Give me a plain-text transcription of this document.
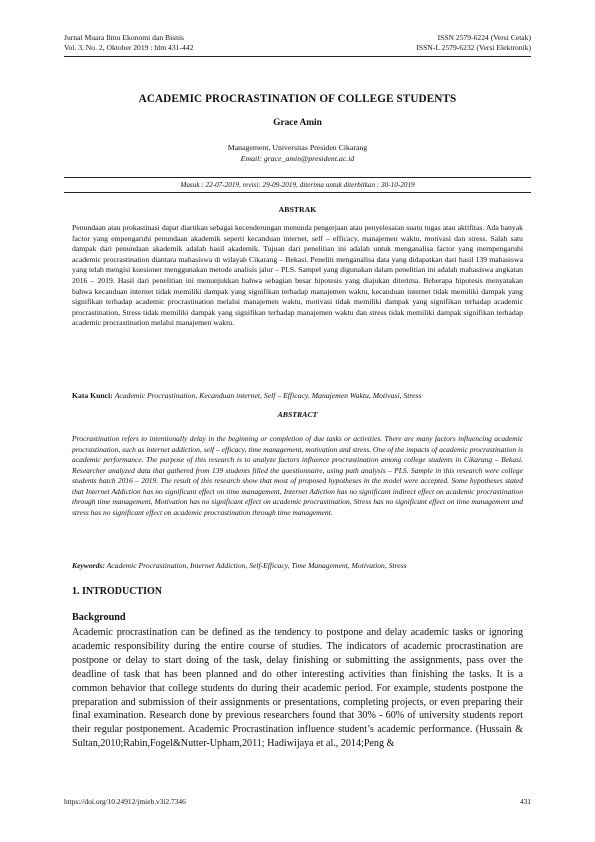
Jurnal Muara Ilmu Ekonomi dan Bisnis
Vol. 3, No. 2, Oktober 2019 : hlm 431-442
ISSN 2579-6224 (Versi Cetak)
ISSN-L 2579-6232 (Versi Elektronik)
ACADEMIC PROCRASTINATION OF COLLEGE STUDENTS
Grace Amin
Management, Universitas Presiden Cikarang
Email: grace_amin@president.ac.id
Masuk : 22-07-2019, revisi: 29-09-2019, diterima untuk diterbitkan : 30-10-2019
ABSTRAK
Penundaan atau prokastinasi dapat diartikan sebagai kecenderungan menunda pengerjaan atau penyelesaian suatu tugas atau aktifitas. Ada banyak factor yang empengaruhi penundaan akademik seperti kecanduan internet, self – efficacy, manajemen waktu, motivasi dan stress. Salah satu dampak dari penundaan akademik adalah hasil akademik. Tujuan dari penelitian ini adalah untuk menganalisa factor yang mempengaruhi academic procrastination diantara mahasiswa di wilayah Cikarang – Bekasi. Peneliti menganalisa data yang didapatkan dari hasil 139 mahasiswa yang telah mengisi kuesioner menggunakan metode analisis jalur – PLS. Sampel yang digunakan dalam penelitian ini adalah mahasiswa angkatan 2016 – 2019. Hasil dari penelitian ini menunjukkan bahwa sebagian besar hipotesis yang diajukan diterima. Beberapa hipotesis menyatakan bahwa kecanduan internet tidak memiliki dampak yang signifikan terhadap manajemen waktu, kecanduan internet tidak memiliki dampak yang signifikan terhadap academic procrastination melalui manajemen waktu, motivasi tidak memiliki dampak yang signifikan terhadap academic procrastination, Stress tidak memiliki dampak yang signifikan terhadap manajemen waktu dan stress tidak memiliki dampak signifikan terhadap academic procrastination melalui manajemen waktu.
Kata Kunci: Academic Procrastination, Kecanduan internet, Self – Efficacy, Manajemen Waktu, Motivasi, Stress
ABSTRACT
Procrastination refers to intentionally delay in the beginning or completion of due tasks or activities. There are many factors influencing academic procrastination, such as internet addiction, self – efficacy, time management, motivation and stress. One of the impacts of academic procrastination is academic performance. The purpose of this research is to analyze factors influence procrastination among college students in Cikarang – Bekasi. Researcher analyzed data that gathered from 139 students filled the questionnaire, using path analysis – PLS. Sample in this research were college students batch 2016 – 2019. The result of this research show that most of proposed hypotheses in the model were accepted. Some hypotheses stated that Internet Addiction has no significant effect on time management, Internet Adiction has no significant indirect effect on academic procrastination through time management, Motivation has no significant effect on academic procrastination, Stress has no significant effect on time management and stress has no significant effect on academic procrastination through time management.
Keywords: Academic Procrastination, Internet Addiction, Self-Efficacy, Time Management, Motivation, Stress
1. INTRODUCTION
Background
Academic procrastination can be defined as the tendency to postpone and delay academic tasks or ignoring academic responsibility during the entire course of studies. The indicators of academic procrastination are postpone or delay to start doing of the task, delay finishing or submitting the assignments, pass over the deadline of task that has been planned and do other interesting activities than finishing the tasks. It is a common behavior that college students do during their academic period. For example, students postpone the preparation and submission of their assignments or presentations, completing projects, or even preparing their final examination. Research done by previous researchers found that 30% - 60% of university students report their regular postponement. Academic Procrastination influence student’s academic performance. (Hussain & Sultan,2010;Rabin,Fogel&Nutter-Upham,2011; Hadiwijaya et al., 2014;Peng &
https://doi.org/10.24912/jmieb.v3i2.7346	431
